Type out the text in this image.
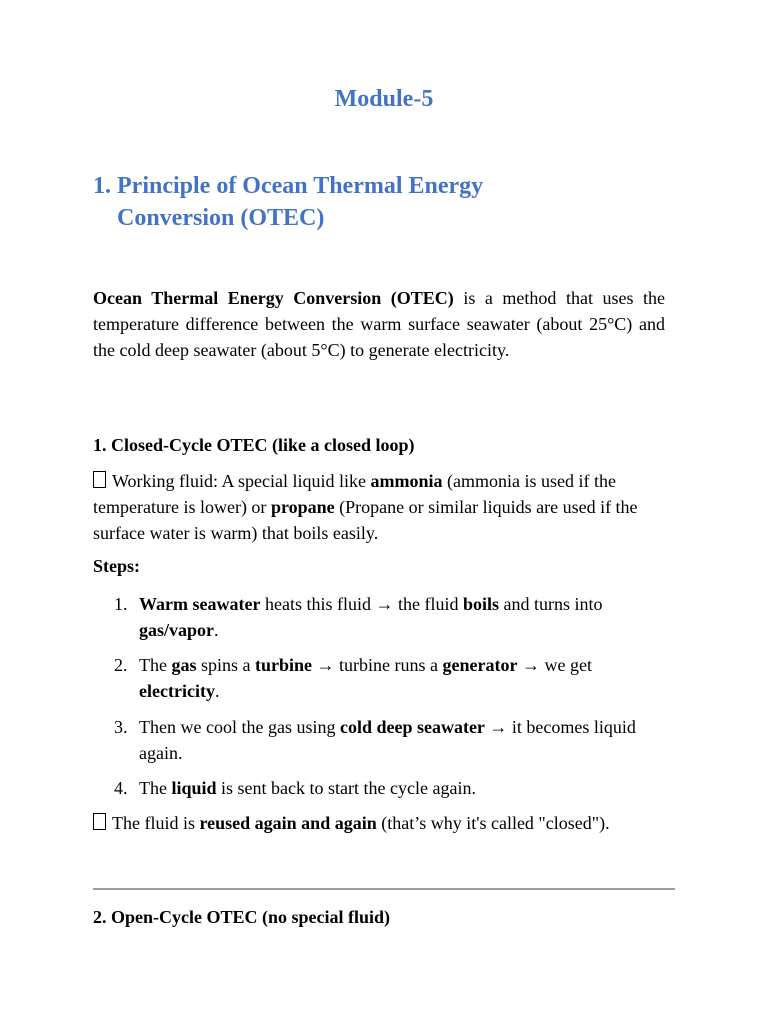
Module-5
1. Principle of Ocean Thermal Energy Conversion (OTEC)
Ocean Thermal Energy Conversion (OTEC) is a method that uses the temperature difference between the warm surface seawater (about 25°C) and the cold deep seawater (about 5°C) to generate electricity.
1. Closed-Cycle OTEC (like a closed loop)
Working fluid: A special liquid like ammonia (ammonia is used if the temperature is lower) or propane (Propane or similar liquids are used if the surface water is warm) that boils easily.
Steps:
1. Warm seawater heats this fluid → the fluid boils and turns into gas/vapor.
2. The gas spins a turbine → turbine runs a generator → we get electricity.
3. Then we cool the gas using cold deep seawater → it becomes liquid again.
4. The liquid is sent back to start the cycle again.
The fluid is reused again and again (that’s why it's called "closed").
2. Open-Cycle OTEC (no special fluid)
